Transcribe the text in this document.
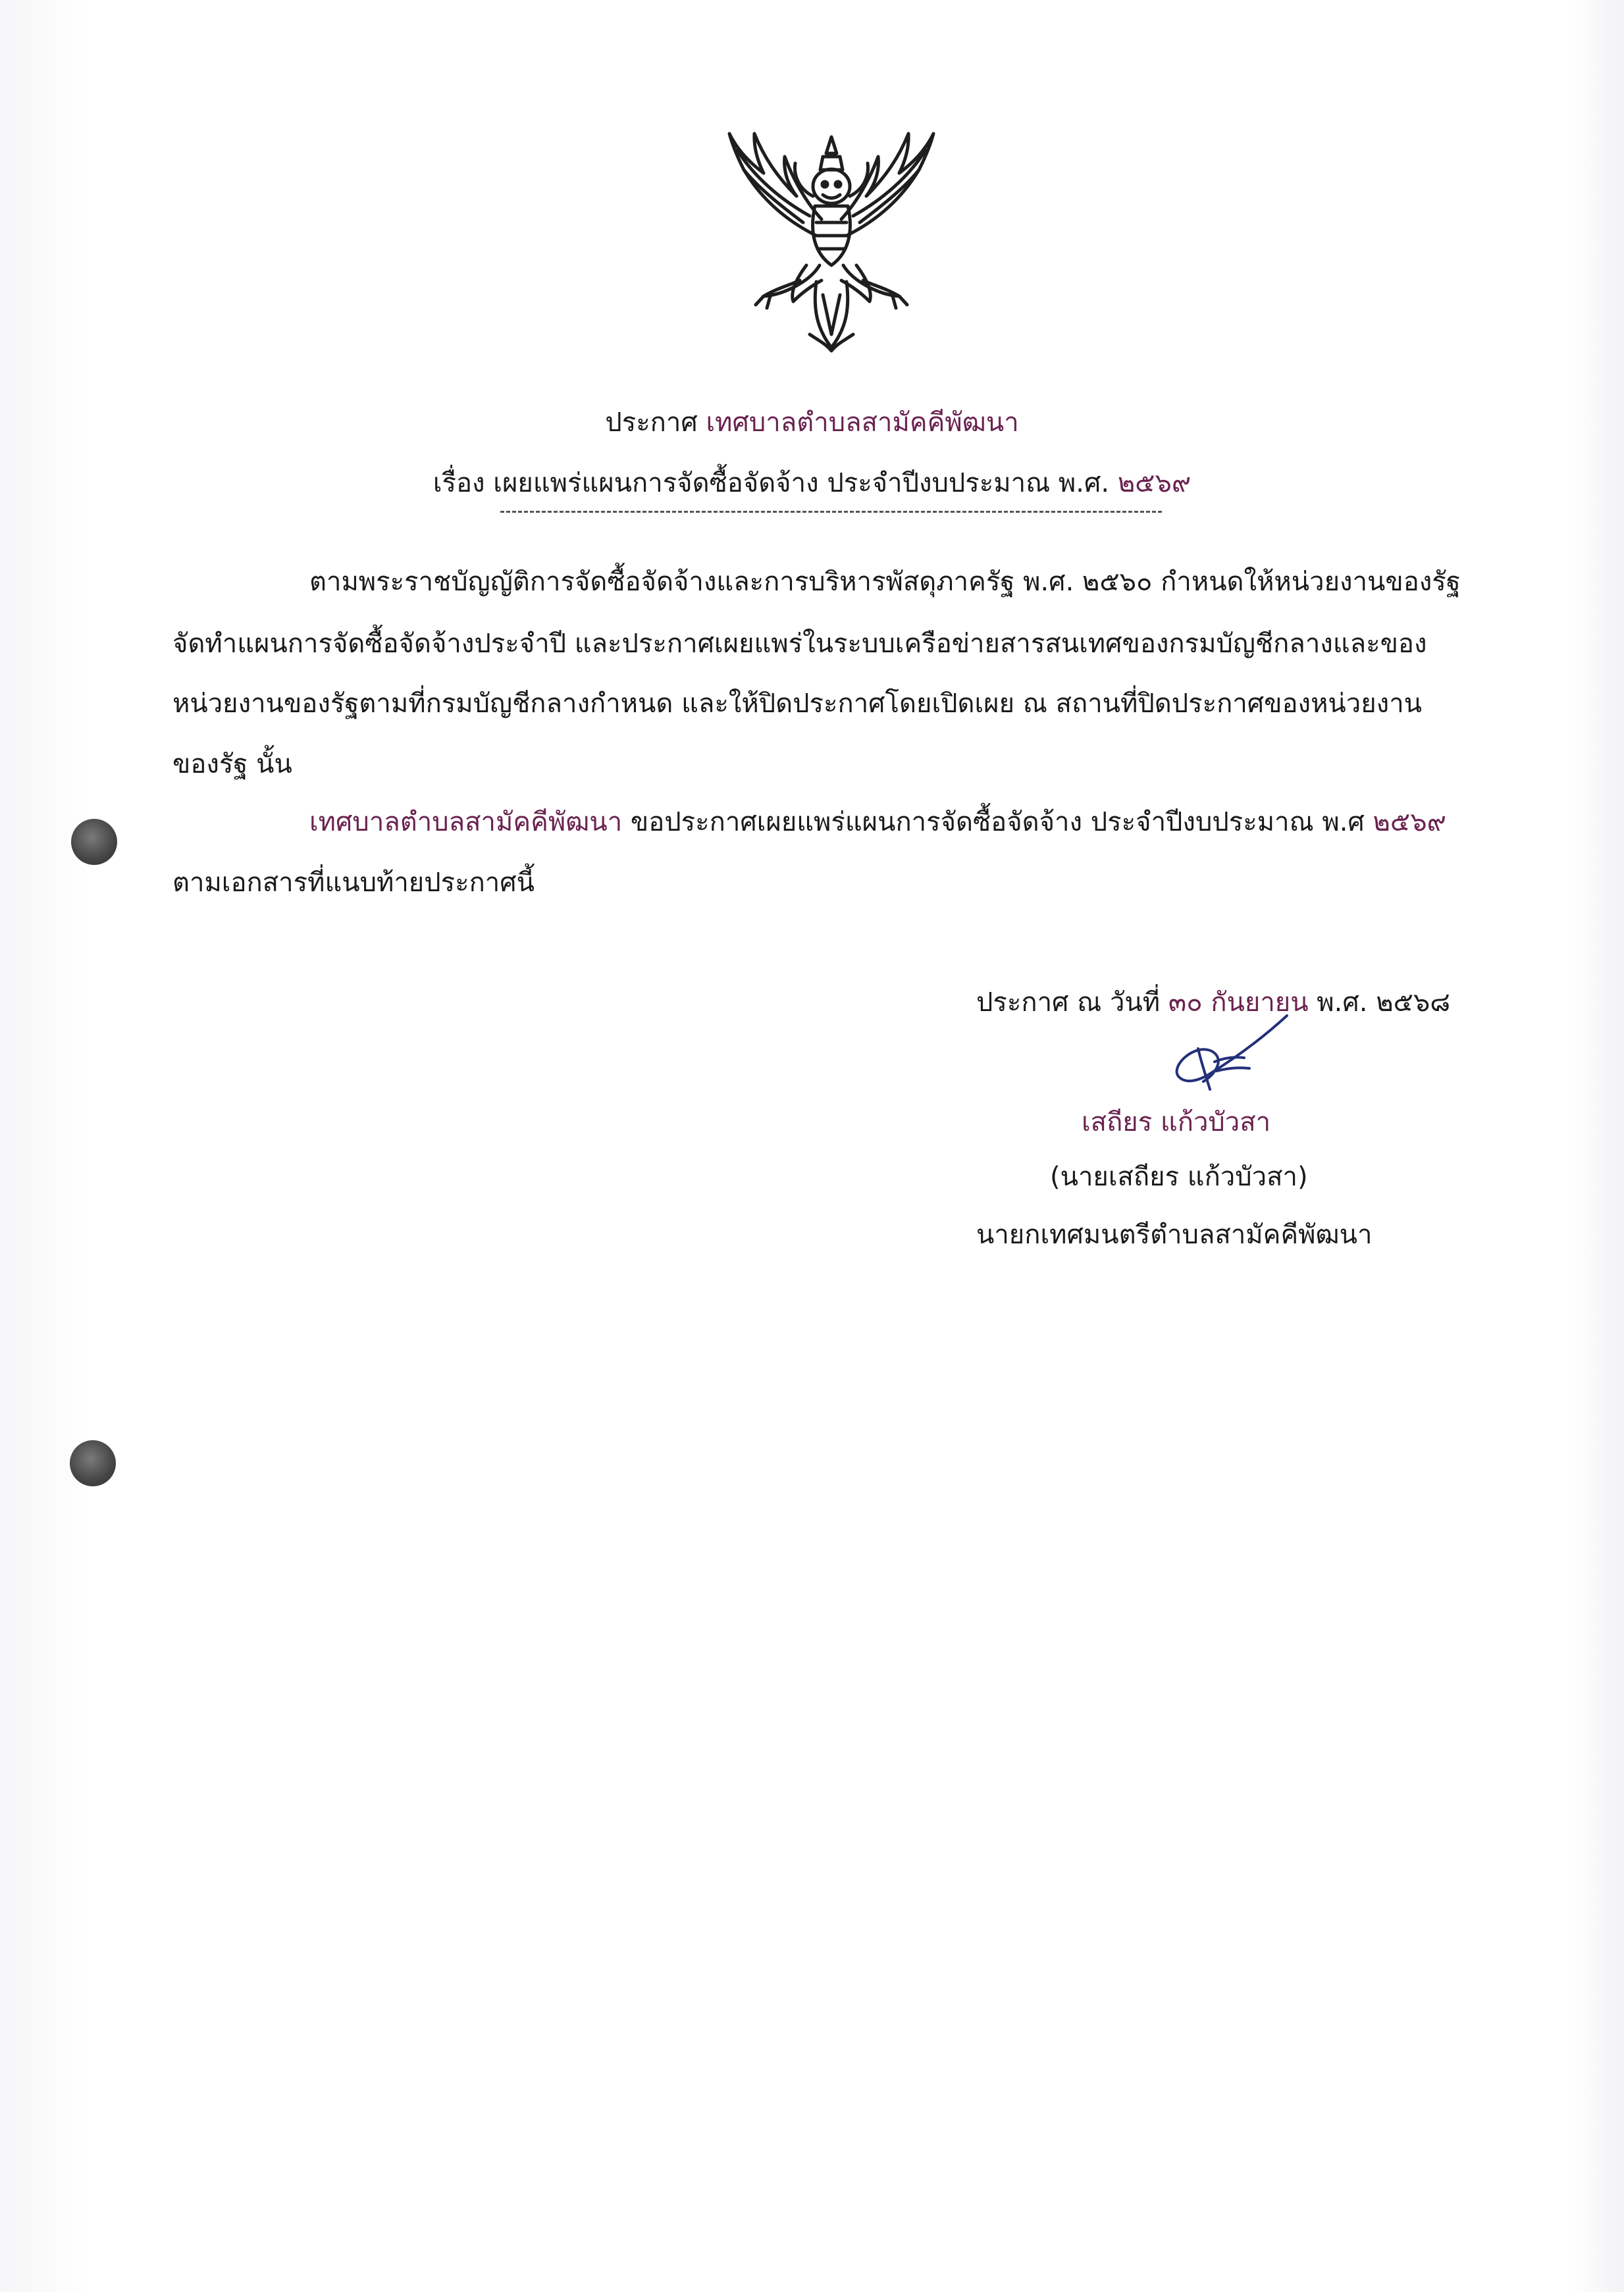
ประกาศ เทศบาลตำบลสามัคคีพัฒนา
เรื่อง เผยแพร่แผนการจัดซื้อจัดจ้าง ประจำปีงบประมาณ พ.ศ. ๒๕๖๙
ตามพระราชบัญญัติการจัดซื้อจัดจ้างและการบริหารพัสดุภาครัฐ พ.ศ. ๒๕๖๐ กำหนดให้หน่วยงานของรัฐ
จัดทำแผนการจัดซื้อจัดจ้างประจำปี และประกาศเผยแพร่ในระบบเครือข่ายสารสนเทศของกรมบัญชีกลางและของ
หน่วยงานของรัฐตามที่กรมบัญชีกลางกำหนด และให้ปิดประกาศโดยเปิดเผย ณ สถานที่ปิดประกาศของหน่วยงาน
ของรัฐ นั้น
เทศบาลตำบลสามัคคีพัฒนา ขอประกาศเผยแพร่แผนการจัดซื้อจัดจ้าง ประจำปีงบประมาณ พ.ศ ๒๕๖๙
ตามเอกสารที่แนบท้ายประกาศนี้
ประกาศ ณ วันที่ ๓๐ กันยายน พ.ศ. ๒๕๖๘
เสถียร แก้วบัวสา
(นายเสถียร แก้วบัวสา)
นายกเทศมนตรีตำบลสามัคคีพัฒนา
